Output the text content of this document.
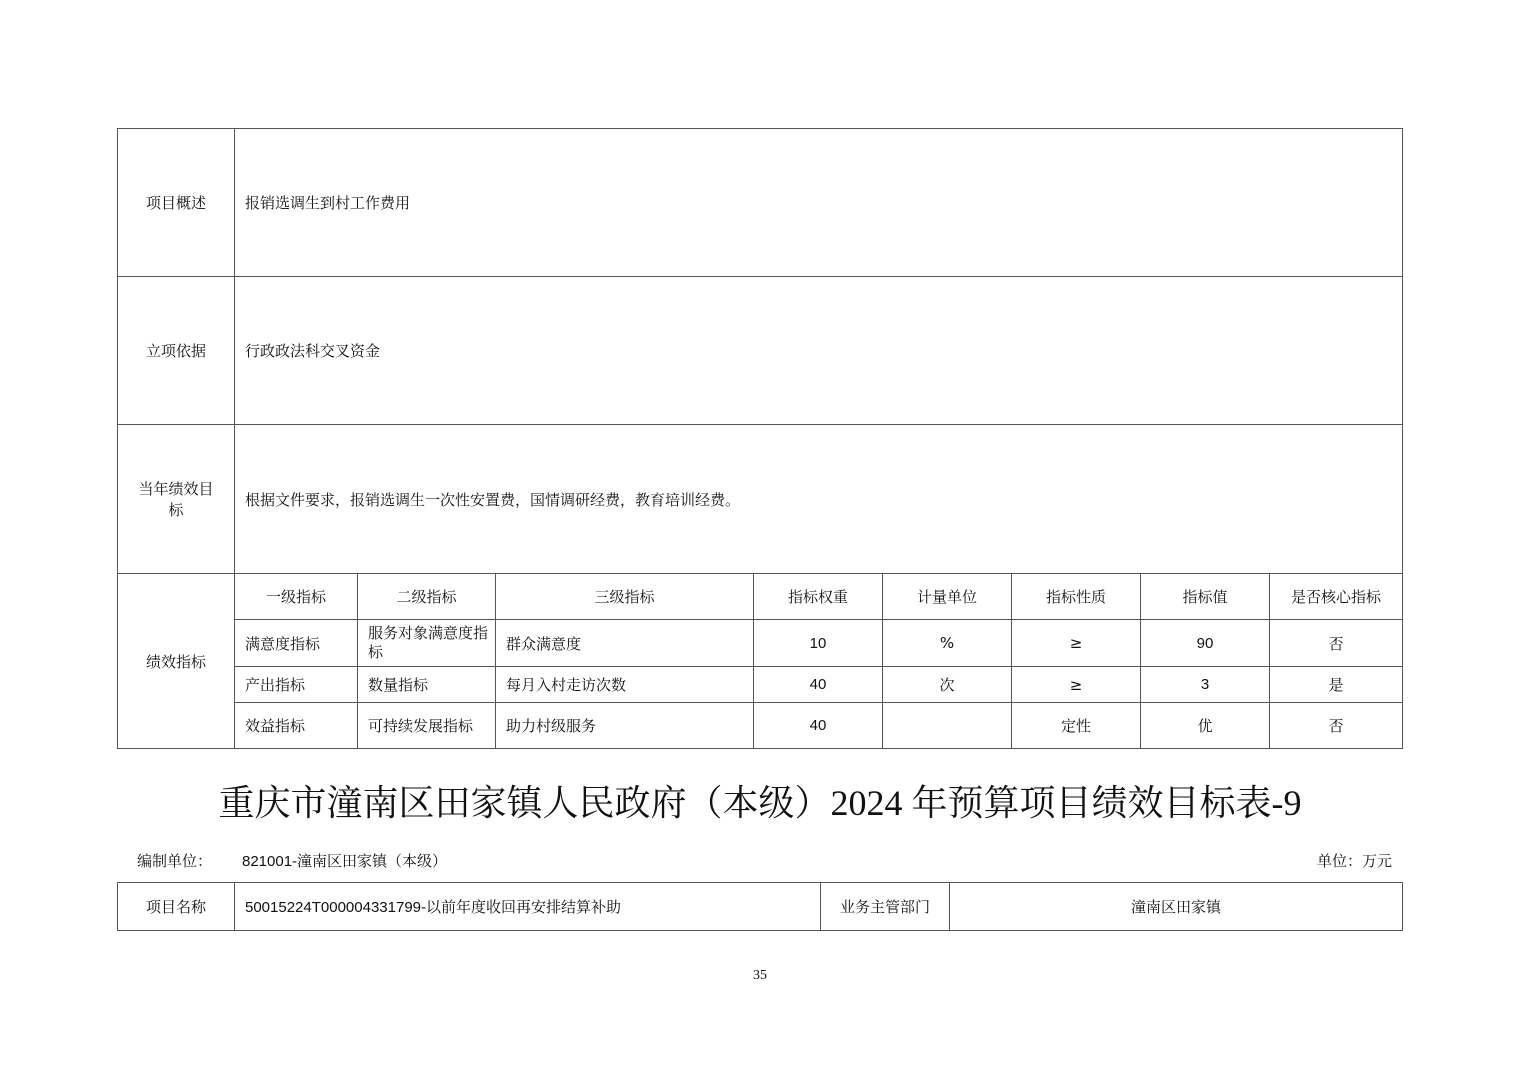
项目概述	报销选调生到村工作费用							
立项依据	行政政法科交叉资金							
当年绩效目标	根据文件要求，报销选调生一次性安置费，国情调研经费，教育培训经费。							
绩效指标	一级指标	二级指标	三级指标	指标权重	计量单位	指标性质	指标值	是否核心指标
	满意度指标	服务对象满意度指标	群众满意度	10	%	≥	90	否
	产出指标	数量指标	每月入村走访次数	40	次	≥	3	是
	效益指标	可持续发展指标	助力村级服务	40		定性	优	否
重庆市潼南区田家镇人民政府（本级）2024 年预算项目绩效目标表-9
编制单位： 821001-潼南区田家镇（本级）	单位：万元
项目名称	50015224T000004331799-以前年度收回再安排结算补助	业务主管部门	潼南区田家镇
35
